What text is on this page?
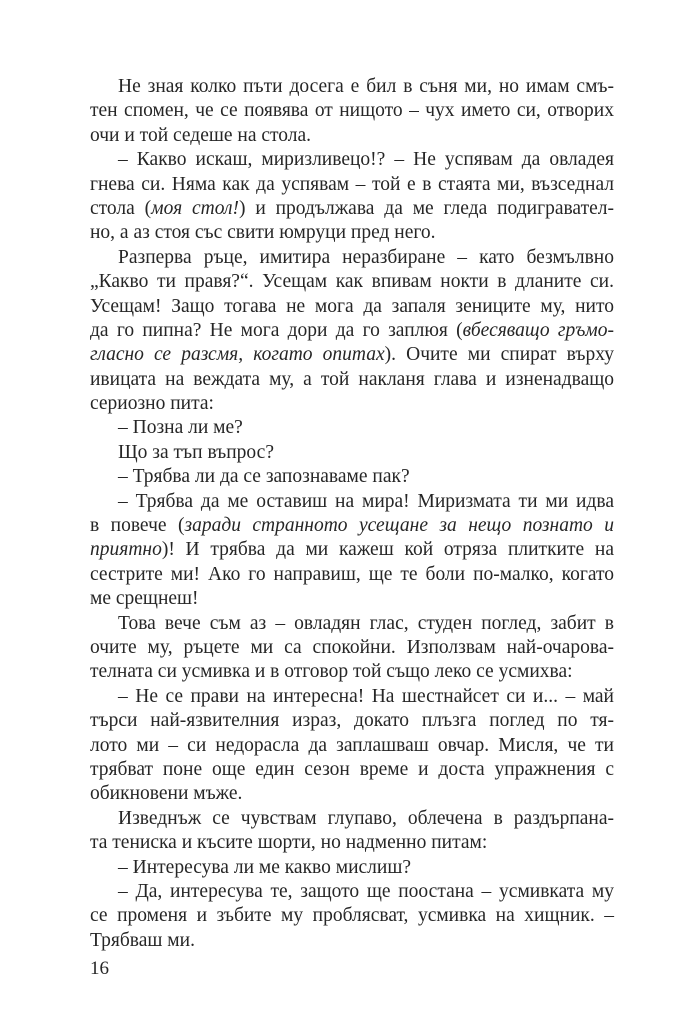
Не зная колко пъти досега е бил в съня ми, но имам смъ-
тен спомен, че се появява от нищото – чух името си, отворих
очи и той седеше на стола.
– Какво искаш, миризливецо!? – Не успявам да овладея
гнева си. Няма как да успявам – той е в стаята ми, възседнал
стола (моя стол!) и продължава да ме гледа подигравател-
но, а аз стоя със свити юмруци пред него.
Разперва ръце, имитира неразбиране – като безмълвно
„Какво ти правя?“. Усещам как впивам нокти в дланите си.
Усещам! Защо тогава не мога да запаля зениците му, нито
да го пипна? Не мога дори да го заплюя (вбесяващо гръмо-
гласно се разсмя, когато опитах). Очите ми спират върху
ивицата на веждата му, а той накланя глава и изненадващо
сериозно пита:
– Позна ли ме?
Що за тъп въпрос?
– Трябва ли да се запознаваме пак?
– Трябва да ме оставиш на мира! Миризмата ти ми идва
в повече (заради странното усещане за нещо познато и
приятно)! И трябва да ми кажеш кой отряза плитките на
сестрите ми! Ако го направиш, ще те боли по-малко, когато
ме срещнеш!
Това вече съм аз – овладян глас, студен поглед, забит в
очите му, ръцете ми са спокойни. Използвам най-очарова-
телната си усмивка и в отговор той също леко се усмихва:
– Не се прави на интересна! На шестнайсет си и... – май
търси най-язвителния израз, докато плъзга поглед по тя-
лото ми – си недорасла да заплашваш овчар. Мисля, че ти
трябват поне още един сезон време и доста упражнения с
обикновени мъже.
Изведнъж се чувствам глупаво, облечена в раздърпана-
та тениска и късите шорти, но надменно питам:
– Интересува ли ме какво мислиш?
– Да, интересува те, защото ще поостана – усмивката му
се променя и зъбите му проблясват, усмивка на хищник. –
Трябваш ми.
16
